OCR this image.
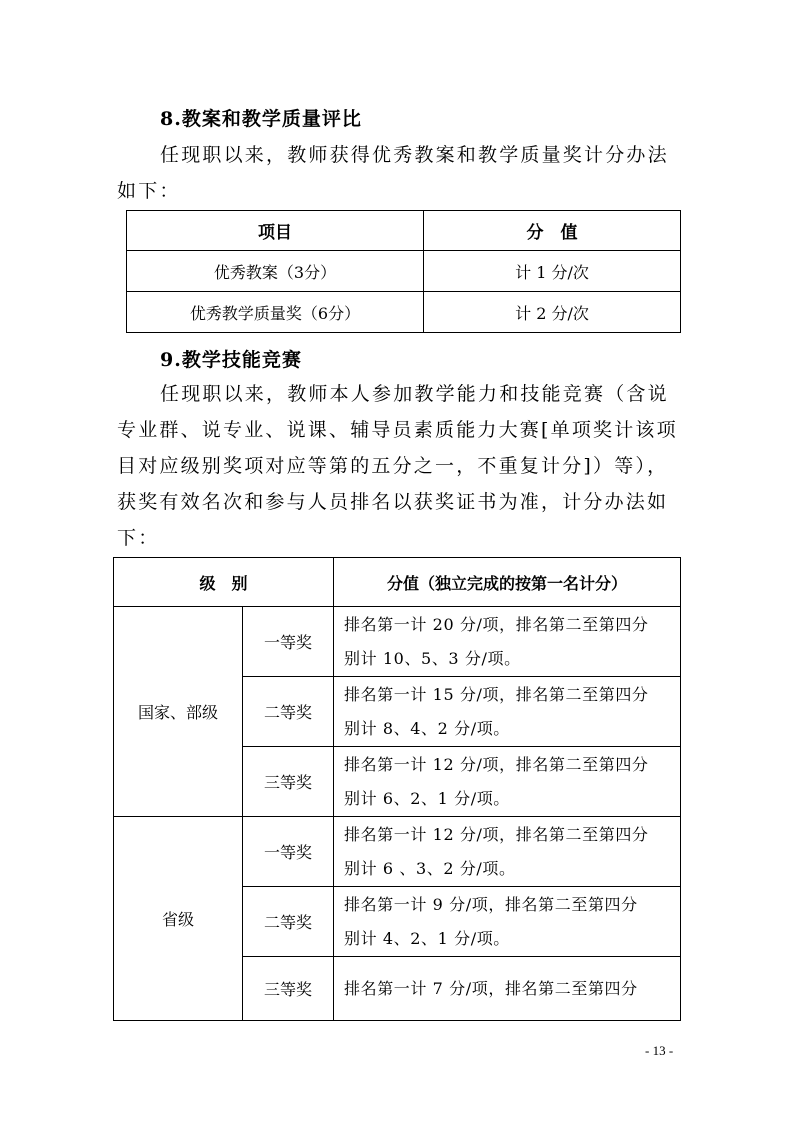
8.教案和教学质量评比
任现职以来，教师获得优秀教案和教学质量奖计分办法
如下：
项目	分　值
优秀教案（3分）	计 1 分/次
优秀教学质量奖（6分）	计 2 分/次
9.教学技能竞赛
任现职以来，教师本人参加教学能力和技能竞赛（含说
专业群、说专业、说课、辅导员素质能力大赛[单项奖计该项
目对应级别奖项对应等第的五分之一，不重复计分]）等），
获奖有效名次和参与人员排名以获奖证书为准，计分办法如
下：
级　别		分值（独立完成的按第一名计分）
国家、部级	一等奖	排名第一计 20 分/项，排名第二至第四分
别计 10、5、3 分/项。

	二等奖	排名第一计 15 分/项，排名第二至第四分
别计 8、4、2 分/项。

	三等奖	排名第一计 12 分/项，排名第二至第四分
别计 6、2、1 分/项。

省级	一等奖	排名第一计 12 分/项，排名第二至第四分
别计 6 、3、2 分/项。

	二等奖	排名第一计 9 分/项，排名第二至第四分
别计 4、2、1 分/项。

	三等奖	排名第一计 7 分/项，排名第二至第四分
- 13 -
